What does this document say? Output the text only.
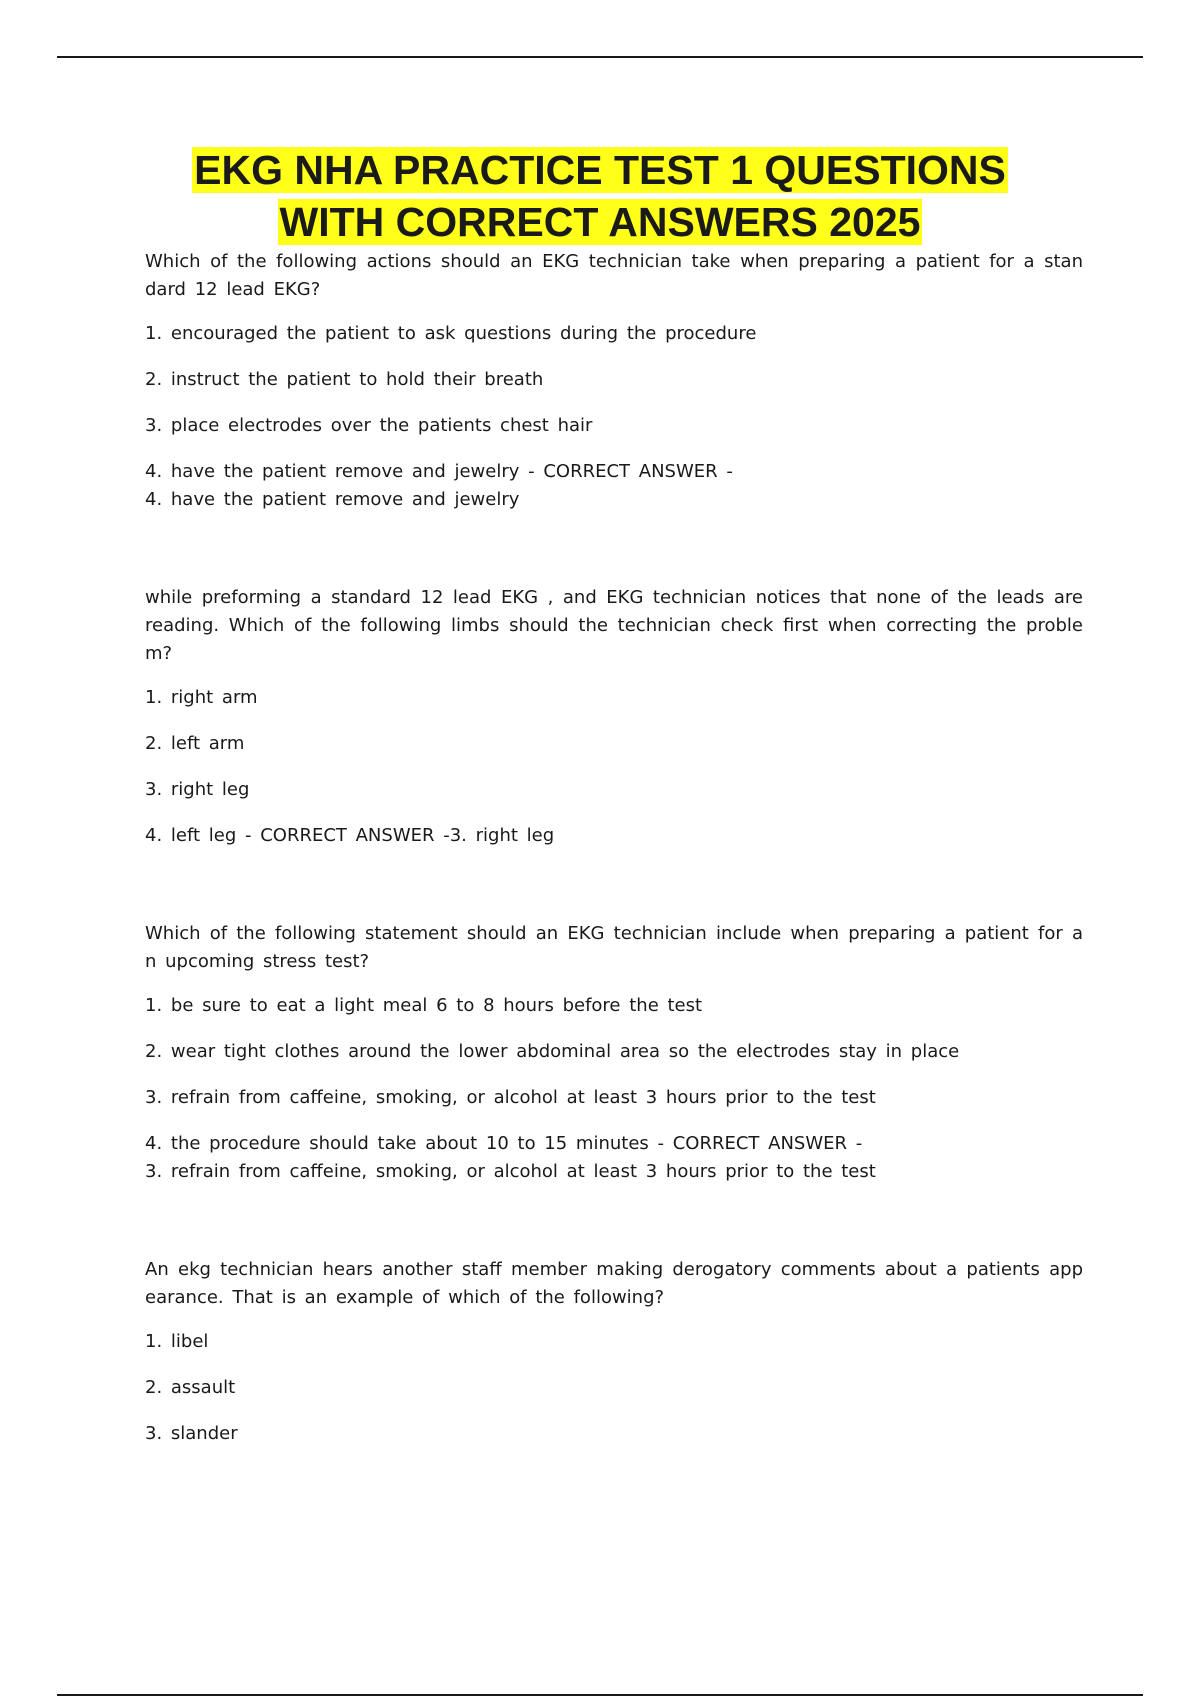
EKG NHA PRACTICE TEST 1 QUESTIONS
WITH CORRECT ANSWERS 2025

Which of the following actions should an EKG technician take when preparing a patient for a stan dard 12 lead EKG?

1. encouraged the patient to ask questions during the procedure
2. instruct the patient to hold their breath
3. place electrodes over the patients chest hair
4. have the patient remove and jewelry - CORRECT ANSWER -

4. have the patient remove and jewelry

while preforming a standard 12 lead EKG , and EKG technician notices that none of the leads are reading. Which of the following limbs should the technician check first when correcting the proble m?

1. right arm
2. left arm
3. right leg
4. left leg - CORRECT ANSWER -3. right leg

Which of the following statement should an EKG technician include when preparing a patient for a n upcoming stress test?

1. be sure to eat a light meal 6 to 8 hours before the test
2. wear tight clothes around the lower abdominal area so the electrodes stay in place
3. refrain from caffeine, smoking, or alcohol at least 3 hours prior to the test
4. the procedure should take about 10 to 15 minutes - CORRECT ANSWER -

3. refrain from caffeine, smoking, or alcohol at least 3 hours prior to the test

An ekg technician hears another staff member making derogatory comments about a patients app earance. That is an example of which of the following?

1. libel
2. assault
3. slander
